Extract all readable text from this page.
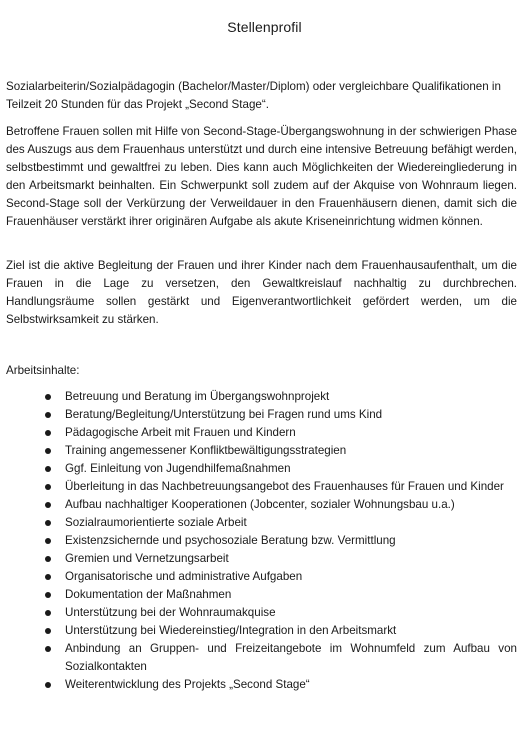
Stellenprofil

Sozialarbeiterin/Sozialpädagogin (Bachelor/Master/Diplom) oder vergleichbare Qualifikationen in Teilzeit 20 Stunden für das Projekt „Second Stage“.

Betroffene Frauen sollen mit Hilfe von Second-Stage-Übergangswohnung in der schwierigen Phase des Auszugs aus dem Frauenhaus unterstützt und durch eine intensive Betreuung befähigt werden, selbstbestimmt und gewaltfrei zu leben. Dies kann auch Möglichkeiten der Wiedereingliederung in den Arbeitsmarkt beinhalten. Ein Schwerpunkt soll zudem auf der Akquise von Wohnraum liegen. Second-Stage soll der Verkürzung der Verweildauer in den Frauenhäusern dienen, damit sich die Frauenhäuser verstärkt ihrer originären Aufgabe als akute Kriseneinrichtung widmen können.

Ziel ist die aktive Begleitung der Frauen und ihrer Kinder nach dem Frauenhausaufenthalt, um die Frauen in die Lage zu versetzen, den Gewaltkreislauf nachhaltig zu durchbrechen. Handlungsräume sollen gestärkt und Eigenverantwortlichkeit gefördert werden, um die Selbstwirksamkeit zu stärken.

Arbeitsinhalte:

Betreuung und Beratung im Übergangswohnprojekt
Beratung/Begleitung/Unterstützung bei Fragen rund ums Kind
Pädagogische Arbeit mit Frauen und Kindern
Training angemessener Konfliktbewältigungsstrategien
Ggf. Einleitung von Jugendhilfemaßnahmen
Überleitung in das Nachbetreuungsangebot des Frauenhauses für Frauen und Kinder
Aufbau nachhaltiger Kooperationen (Jobcenter, sozialer Wohnungsbau u.a.)
Sozialraumorientierte soziale Arbeit
Existenzsichernde und psychosoziale Beratung bzw. Vermittlung
Gremien und Vernetzungsarbeit
Organisatorische und administrative Aufgaben
Dokumentation der Maßnahmen
Unterstützung bei der Wohnraumakquise
Unterstützung bei Wiedereinstieg/Integration in den Arbeitsmarkt
Anbindung an Gruppen- und Freizeitangebote im Wohnumfeld zum Aufbau von Sozialkontakten
Weiterentwicklung des Projekts „Second Stage“
